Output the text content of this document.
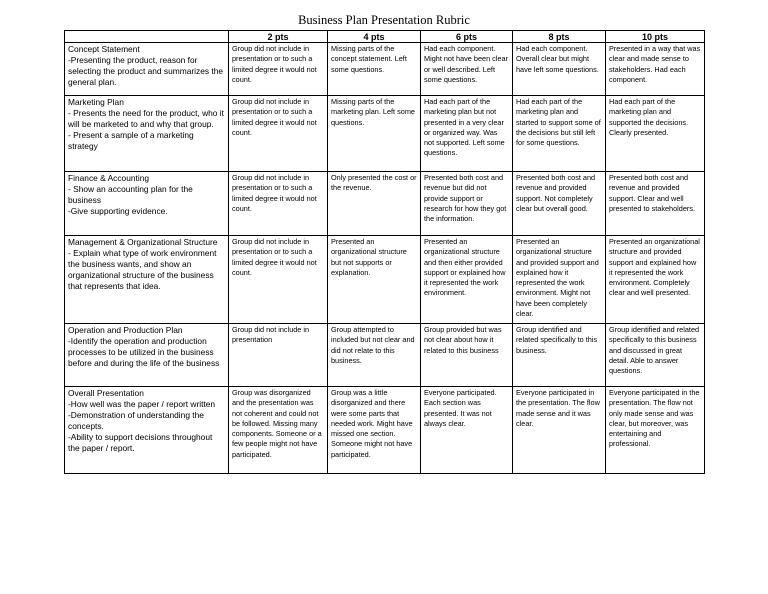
Business Plan Presentation Rubric
	2 pts	4 pts	6 pts	8 pts	10 pts

Concept Statement
-Presenting the product, reason for selecting the product and summarizes the general plan.	Group did not include in presentation or to such a limited degree it would not count.	Missing parts of the concept statement. Left some questions.	Had each component. Might not have been clear or well described. Left some questions.	Had each component. Overall clear but might have left some questions.	Presented in a way that was clear and made sense to stakeholders. Had each component.

Marketing Plan
- Presents the need for the product, who it will be marketed to and why that group.
- Present a sample of a marketing strategy	Group did not include in presentation or to such a limited degree it would not count.	Missing parts of the marketing plan. Left some questions.	Had each part of the marketing plan but not presented in a very clear or organized way. Was not supported. Left some questions.	Had each part of the marketing plan and started to support some of the decisions but still left for some questions.	Had each part of the marketing plan and supported the decisions. Clearly presented.

Finance & Accounting
- Show an accounting plan for the business
-Give supporting evidence.	Group did not include in presentation or to such a limited degree it would not count.	Only presented the cost or the revenue.	Presented both cost and revenue but did not provide support or research for how they got the information.	Presented both cost and revenue and provided support. Not completely clear but overall good.	Presented both cost and revenue and provided support. Clear and well presented to stakeholders.

Management & Organizational Structure
- Explain what type of work environment the business wants, and show an organizational structure of the business that represents that idea.	Group did not include in presentation or to such a limited degree it would not count.	Presented an organizational structure but not supports or explanation.	Presented an organizational structure and then either provided support or explained how it represented the work environment.	Presented an organizational structure and provided support and explained how it represented the work environment. Might not have been completely clear.	Presented an organizational structure and provided support and explained how it represented the work environment. Completely clear and well presented.

Operation and Production Plan
-Identify the operation and production processes to be utilized in the business before and during the life of the business	Group did not include in presentation	Group attempted to included but not clear and did not relate to this business.	Group provided but was not clear about how it related to this business	Group identified and related specifically to this business.	Group identified and related specifically to this business and discussed in great detail. Able to answer questions.

Overall Presentation
-How well was the paper / report written
-Demonstration of understanding the concepts.
-Ability to support decisions throughout the paper / report.	Group was disorganized and the presentation was not coherent and could not be followed. Missing many components. Someone or a few people might not have participated.	Group was a little disorganized and there were some parts that needed work. Might have missed one section. Someone might not have participated.	Everyone participated. Each section was presented. It was not always clear.	Everyone participated in the presentation. The flow made sense and it was clear.	Everyone participated in the presentation. The flow not only made sense and was clear, but moreover, was entertaining and professional.
